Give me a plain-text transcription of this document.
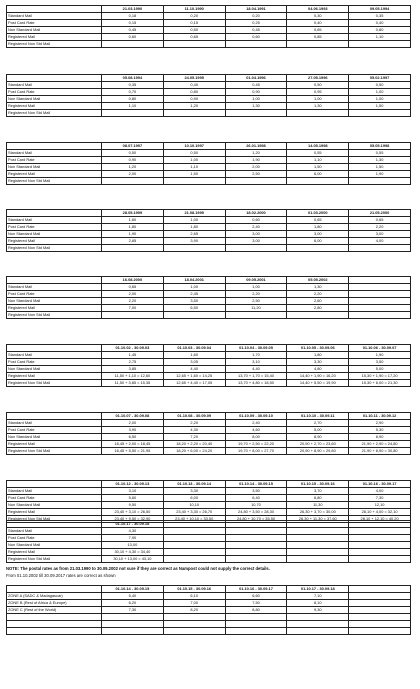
	21.03.1990	11.10.1990	18.04.1991	04.06.1993	09.05.1994
Standard Mail	0,18	0,20	0,20	0,30	0,35
Post Card Rate	0,15	0,15	0,25	0,40	0,40
Non Standard Mail	0,45	0,50	0,45	0,65	0,80
Registered Mail	0,60	0,65	0,60	0,85	1,10
Registered Non Std Mail					
	05.08.1994	24.05.1995	01.04.1996	27.05.1996	05.02.1997
Standard Mail	0,35	0,40	0,45	0,50	0,50
Post Card Rate	0,70	0,80	0,90	0,95	1,00
Non Standard Mail	0,80	0,90	1,00	1,00	1,00
Registered Mail	1,10	1,20	1,30	1,30	1,50
Registered Non Std Mail					
	08.07.1997	10.10.1997	26.01.1998	14.05.1998	05.05.1998
Standard Mail	0,50	0,50	1,20	0,55	0,55
Post Card Rate	0,90	1,00	1,90	1,10	1,30
Non Standard Mail	1,20	1,10	2,00	1,50	1,50
Registered Mail	2,00	1,50	2,50	6,00	1,90
Registered Non Std Mail					
	28.05.1999	21.08.1999	18.02.2000	01.03.2000	21.05.2000
Standard Mail	1,60	1,00	0,60	0,65	0,65
Post Card Rate	1,80	1,80	2,40	1,80	2,20
Non Standard Mail	1,90	2,65	3,00	3,00	3,00
Registered Mail	2,65	3,90	3,00	6,00	4,00
Registered Non Std Mail					
	16.08.2000	18.04.2001	09.05.2001	05.05.2002	
Standard Mail	0,65	1,00	1,00	1,30	
Post Card Rate	2,00	2,45	2,20	2,20	
Non Standard Mail	2,20	3,50	2,50	2,60	
Registered Mail	7,00	6,50	11,20	2,80	
Registered Non Std Mail					
	01.10.02 - 30.09.03	01.10.03 - 30.09.04	01.10.04 - 30.09.05	01.10.05 - 30.09.06	01.10.06 - 30.09.07
Standard Mail	1,45	1,60	1,70	1,80	1,90
Post Card Rate	2,75	3,05	3,10	3,30	3,50
Non Standard Mail	3,85	4,40	4,40	4,80	5,00
Registered Mail	11,50 + 1,10 = 12,60	12,65 + 1,60 = 14,25	13,70 + 1,70 = 15,40	14,40 + 1,90 = 16,20	15,30 + 1,90 = 17,20
Registered Non Std Mail	11,50 + 3,85 = 15,35	12,65 + 4,40 = 17,05	13,70 + 4,80 = 18,50	14,40 + 5,50 = 19,90	15,30 + 6,00 = 21,30
	01.10.07 - 30.09.08	01.10.08 - 30.09.09	01.10.09 - 30.09.10	01.10.10 - 30.09.11	01.10.11 - 30.09.12
Standard Mail	2,00	2,20	2,40	2,70	2,90
Post Card Rate	3,90	4,30	4,60	5,00	5,30
Non Standard Mail	6,50	7,20	8,00	8,90	8,90
Registered Mail	16,45 + 2,00 = 18,45	18,20 + 2,20 = 20,40	19,70 + 2,50 = 22,20	20,90 + 2,70 = 23,60	21,90 + 2,90 = 24,80
Registered Non Std Mail	16,45 + 5,50 = 21,95	18,20 + 6,00 = 24,20	19,70 + 8,00 = 27,70	20,90 + 8,90 = 29,80	21,90 + 8,90 = 30,80
	01.10.12 - 30.09.13	01.10.13 - 30.09.14	01.10.14 - 30.09.15	01.10.15 - 30.09.16	01.10.16 - 30.09.17
Standard Mail	3,10	3,30	3,50	3,70	4,00
Post Card Rate	5,60	6,00	6,40	6,80	7,30
Non Standard Mail	9,50	10,10	10,70	11,30	12,10
Registered Mail	23,40 + 3,10 = 26,50	23,40 + 3,30 = 26,70	24,80 + 3,50 = 28,30	26,30 + 3,70 = 30,00	28,10 + 4,00 = 32,10
Registered Non Std Mail	23,40 + 9,50 = 32,90	23,40 + 10,10 = 33,50	24,80 + 10,70 = 35,50	26,30 + 11,30 = 37,60	28,10 + 12,10 = 40,20
	01.10.17 - 30.09.18				
Standard Mail	4,30				
Post Card Rate	7,90				
Non Standard Mail	13,00				
Registered Mail	30,10 + 4,30 = 34,40				
Registered Non Std Mail	30,10 + 13,00 = 43,10				
NOTE: The postal rates as from 21.03.1990 to 30.09.2002 not sure if they are correct as Nampost could not supply the correct details.
From 01.10.2002 till 30.09.2017 rates are correct as shown
	01.10.14 - 30.09.15	01.10.15 - 30.09.16	01.10.16 - 30.09.17	01.10.17 - 30.09.18	
ZONE A (SADC & Madagascar)	5,40	6,10	6,60	7,10	
ZONE B (Rest of Africa & Europe)	6,20	7,00	7,50	8,10	
ZONE C (Rest of the World)	7,30	8,20	8,80	9,30	
